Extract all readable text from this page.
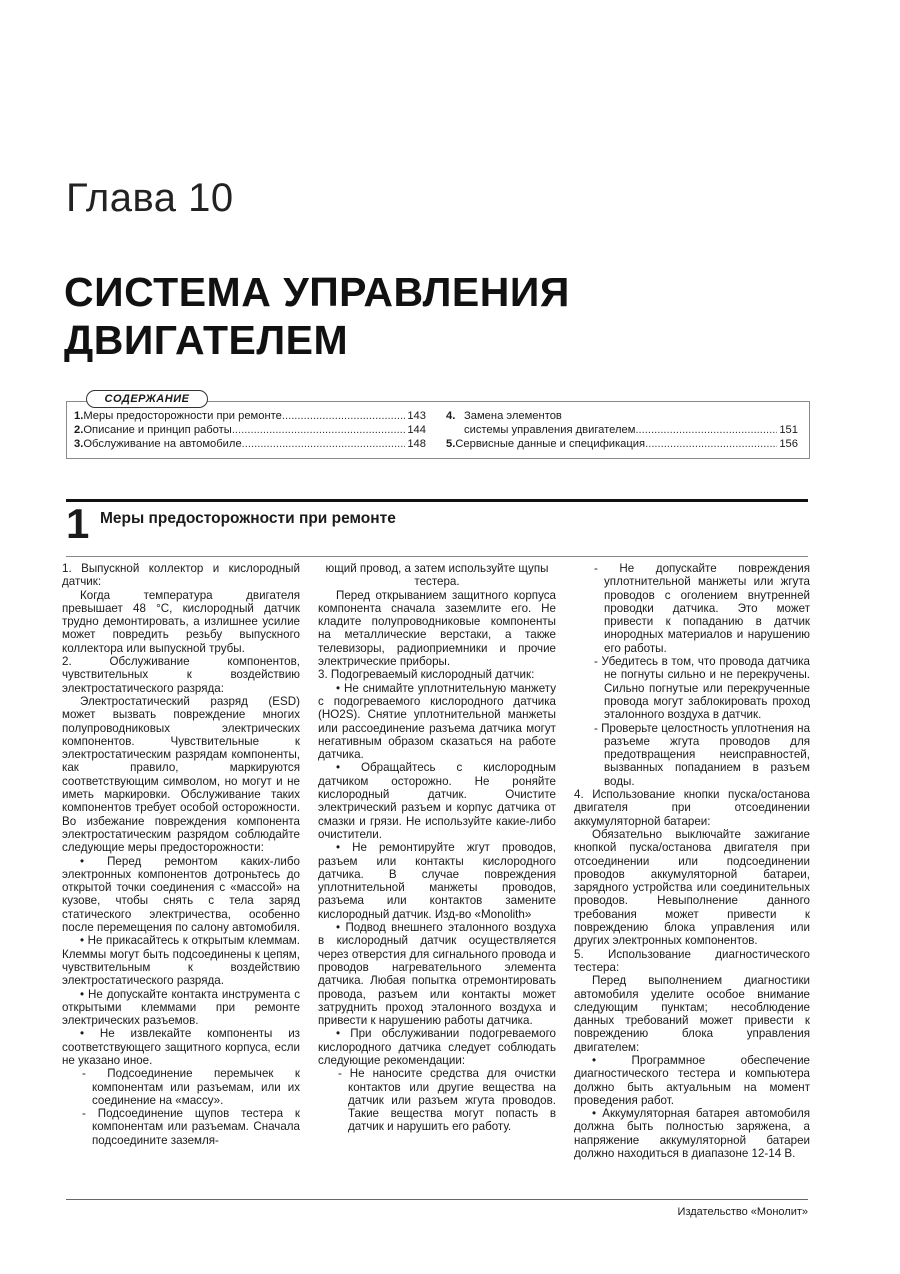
Глава 10
СИСТЕМА УПРАВЛЕНИЯ
ДВИГАТЕЛЕМ
СОДЕРЖАНИЕ
1. Меры предосторожности при ремонте .....	143
2. Описание и принцип работы .....	144
3. Обслуживание на автомобиле .....	148
4. Замена элементов
системы управления двигателем .....	151
5. Сервисные данные и спецификация .....	156
1 Меры предосторожности при ремонте

1. Выпускной коллектор и кислородный датчик:

Когда температура двигателя превышает 48 °С, кислородный датчик трудно демонтировать, а излишнее усилие может повредить резьбу выпускного коллектора или выпускной трубы.

2. Обслуживание компонентов, чувствительных к воздействию электростатического разряда:

Электростатический разряд (ESD) может вызвать повреждение многих полупроводниковых электрических компонентов. Чувствительные к электростатическим разрядам компоненты, как правило, маркируются соответствующим символом, но могут и не иметь маркировки. Обслуживание таких компонентов требует особой осторожности. Во избежание повреждения компонента электростатическим разрядом соблюдайте следующие меры предосторожности:

• Перед ремонтом каких-либо электронных компонентов дотроньтесь до открытой точки соединения с «массой» на кузове, чтобы снять с тела заряд статического электричества, особенно после перемещения по салону автомобиля.

• Не прикасайтесь к открытым клеммам. Клеммы могут быть подсоединены к цепям, чувствительным к воздействию электростатического разряда.

• Не допускайте контакта инструмента с открытыми клеммами при ремонте электрических разъемов.

• Не извлекайте компоненты из соответствующего защитного корпуса, если не указано иное.

- Подсоединение перемычек к компонентам или разъемам, или их соединение на «массу».

- Подсоединение щупов тестера к компонентам или разъемам. Сначала подсоедините заземля-

ющий провод, а затем используйте щупы тестера.

Перед открыванием защитного корпуса компонента сначала заземлите его. Не кладите полупроводниковые компоненты на металлические верстаки, а также телевизоры, радиоприемники и прочие электрические приборы.

3. Подогреваемый кислородный датчик:

• Не снимайте уплотнительную манжету с подогреваемого кислородного датчика (HO2S). Снятие уплотнительной манжеты или рассоединение разъема датчика могут негативным образом сказаться на работе датчика.

• Обращайтесь с кислородным датчиком осторожно. Не роняйте кислородный датчик. Очистите электрический разъем и корпус датчика от смазки и грязи. Не используйте какие-либо очистители.

• Не ремонтируйте жгут проводов, разъем или контакты кислородного датчика. В случае повреждения уплотнительной манжеты проводов, разъема или контактов замените кислородный датчик. Изд-во «Monolith»

• Подвод внешнего эталонного воздуха в кислородный датчик осуществляется через отверстия для сигнального провода и проводов нагревательного элемента датчика. Любая попытка отремонтировать провода, разъем или контакты может затруднить проход эталонного воздуха и привести к нарушению работы датчика.

• При обслуживании подогреваемого кислородного датчика следует соблюдать следующие рекомендации:

- Не наносите средства для очистки контактов или другие вещества на датчик или разъем жгута проводов. Такие вещества могут попасть в датчик и нарушить его работу.

- Не допускайте повреждения уплотнительной манжеты или жгута проводов с оголением внутренней проводки датчика. Это может привести к попаданию в датчик инородных материалов и нарушению его работы.

- Убедитесь в том, что провода датчика не погнуты сильно и не перекручены. Сильно погнутые или перекрученные провода могут заблокировать проход эталонного воздуха в датчик.

- Проверьте целостность уплотнения на разъеме жгута проводов для предотвращения неисправностей, вызванных попаданием в разъем воды.

4. Использование кнопки пуска/останова двигателя при отсоединении аккумуляторной батареи:

Обязательно выключайте зажигание кнопкой пуска/останова двигателя при отсоединении или подсоединении проводов аккумуляторной батареи, зарядного устройства или соединительных проводов. Невыполнение данного требования может привести к повреждению блока управления или других электронных компонентов.

5. Использование диагностического тестера:

Перед выполнением диагностики автомобиля уделите особое внимание следующим пунктам; несоблюдение данных требований может привести к повреждению блока управления двигателем:

• Программное обеспечение диагностического тестера и компьютера должно быть актуальным на момент проведения работ.

• Аккумуляторная батарея автомобиля должна быть полностью заряжена, а напряжение аккумуляторной батареи должно находиться в диапазоне 12-14 В.

Издательство «Монолит»
